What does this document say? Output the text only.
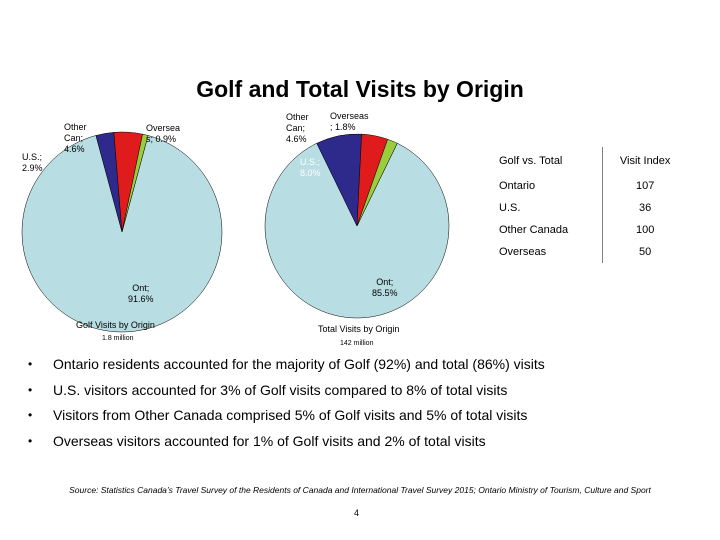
Golf and Total Visits by Origin
U.S.;
2.9%
Other
Can;
4.6%
Oversea
s; 0.9%
Ont;
91.6%
Golf Visits by Origin
1.8 million
Other
Can;
4.6%
Overseas
; 1.8%
U.S.;
8.0%
Ont;
85.5%
Total Visits by Origin
142 million
Golf vs. Total	Visit Index
Ontario	107
U.S.	36
Other Canada	100
Overseas	50
• Ontario residents accounted for the majority of Golf (92%) and total (86%) visits
• U.S. visitors accounted for 3% of Golf visits compared to 8% of total visits
• Visitors from Other Canada comprised 5% of Golf visits and 5% of total visits
• Overseas visitors accounted for 1% of Golf visits and 2% of total visits
Source: Statistics Canada’s Travel Survey of the Residents of Canada and International Travel Survey 2015; Ontario Ministry of Tourism, Culture and Sport
4
